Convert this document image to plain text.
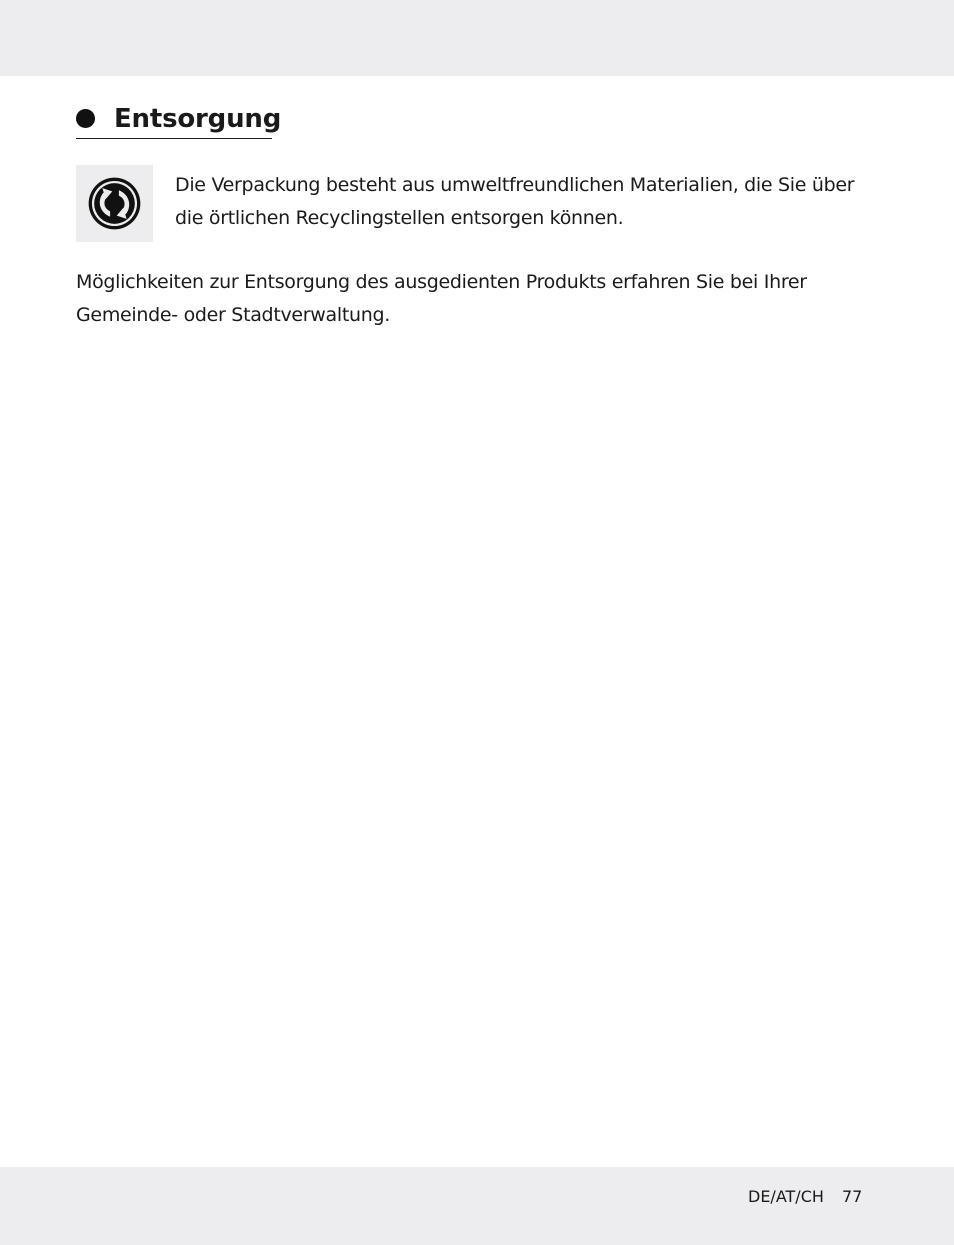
Entsorgung
Die Verpackung besteht aus umweltfreundlichen Materialien, die Sie über
die örtlichen Recyclingstellen entsorgen können.
Möglichkeiten zur Entsorgung des ausgedienten Produkts erfahren Sie bei Ihrer
Gemeinde- oder Stadtverwaltung.
DE/AT/CH 77
